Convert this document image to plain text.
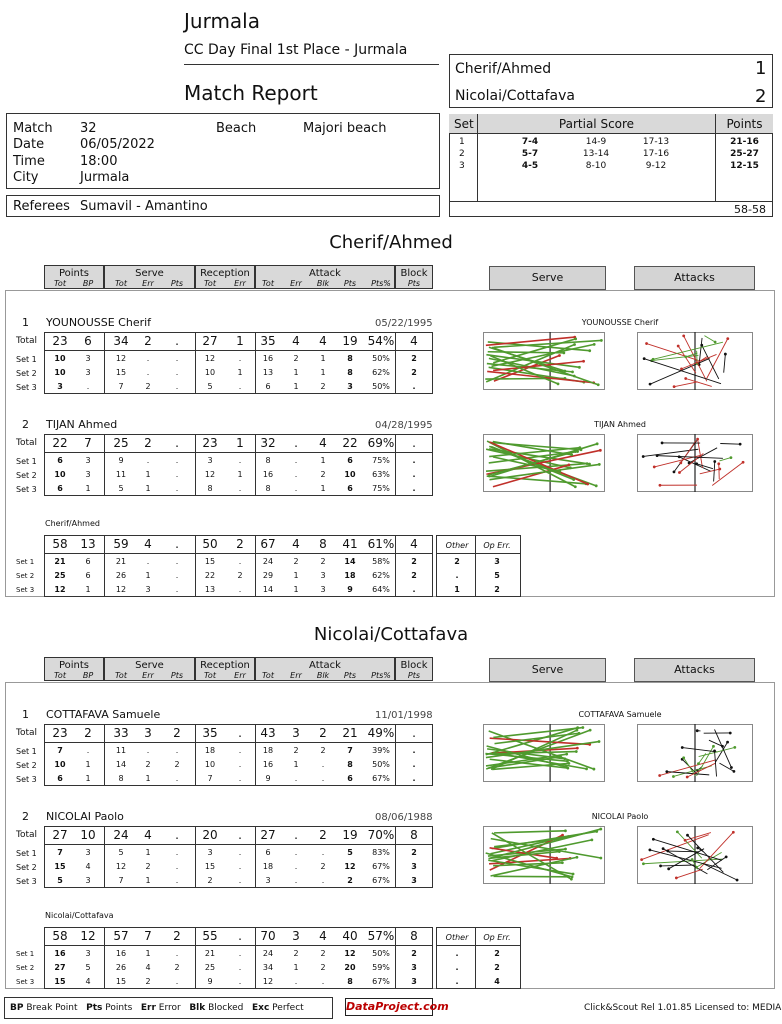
Jurmala
CC Day Final 1st Place - Jurmala
Match Report
Match 32	Beach	Majori beach
Date	06/05/2022
Time	18:00
City	Jurmala
Referees Sumavil - Amantino
Cherif/Ahmed	1
Nicolai/Cottafava	2
Set	Partial Score	Points
58-58
BP Break Point Pts Points Err Error Blk Blocked Exc Perfect	DataProject.com	Click&Scout Rel 1.01.85 Licensed to: MEDIA
1	7-4	14-9	17-13	21-16
2	5-7	13-14	17-16	25-27
3	4-5	8-10	9-12	12-15
Cherif/Ahmed
Points
Tot	BP
Serve
Tot	Err	Pts
Reception
Tot	Err
Attack
Tot	Err	Blk	Pts	Pts%
Block
Pts	Serve	Attacks
1 YOUNOUSSE Cherif	05/22/1995
Total	23	6	34	2	.	27	1	35	4	4	19 54%	4
Set 1	10	3	12	.	.	12	.	16	2	1	8	50%	2
Set 2	10	3	15	.	.	10	1	13	1	1	8	62%	2
Set 3	3	.	7	2	.	5	.	6	1	2	3	50%	.
YOUNOUSSE Cherif
2 TIJAN Ahmed	04/28/1995
Total	22	7	25	2	.	23	1	32	.	4	22 69%	.
Set 1	6	3	9	.	.	3	.	8	.	1	6	75%	.
Set 2	10	3	11	1	.	12	1	16	.	2	10	63%	.
Set 3	6	1	5	1	.	8	.	8	.	1	6	75%	.
TIJAN Ahmed
Cherif/Ahmed
Other	Op Err.
58	13	59	4	.	50	2	67	4	8	41 61%	4
Set 1	21	6	21	.	.	15	.	24	2	2	14	58%	2	2	3
Set 2	25	6	26	1	.	22	2	29	1	3	18	62%	2	.	5
Set 3	12	1	12	3	.	13	.	14	1	3	9	64%	.	1	2
Nicolai/Cottafava
Points
Tot	BP
Serve
Tot	Err	Pts
Reception
Tot	Err
Attack
Tot	Err	Blk	Pts	Pts%
Block
Pts	Serve	Attacks
1 COTTAFAVA Samuele	11/01/1998
Total	23	2	33	3	2	35	.	43	3	2	21 49%	.
Set 1	7	.	11	.	.	18	.	18	2	2	7	39%	.
Set 2	10	1	14	2	2	10	.	16	1	.	8	50%	.
Set 3	6	1	8	1	.	7	.	9	.	.	6	67%	.
COTTAFAVA Samuele
2 NICOLAI Paolo	08/06/1988
Total	27	10	24	4	.	20	.	27	.	2	19 70%	8
Set 1	7	3	5	1	.	3	.	6	.	.	5	83%	2
Set 2	15	4	12	2	.	15	.	18	.	2	12	67%	3
Set 3	5	3	7	1	.	2	.	3	.	.	2	67%	3
NICOLAI Paolo
Nicolai/Cottafava
Other	Op Err.
58	12	57	7	2	55	.	70	3	4	40 57%	8
Set 1	16	3	16	1	.	21	.	24	2	2	12	50%	2	.	2
Set 2	27	5	26	4	2	25	.	34	1	2	20	59%	3	.	2
Set 3	15	4	15	2	.	9	.	12	.	.	8	67%	3	.	4
